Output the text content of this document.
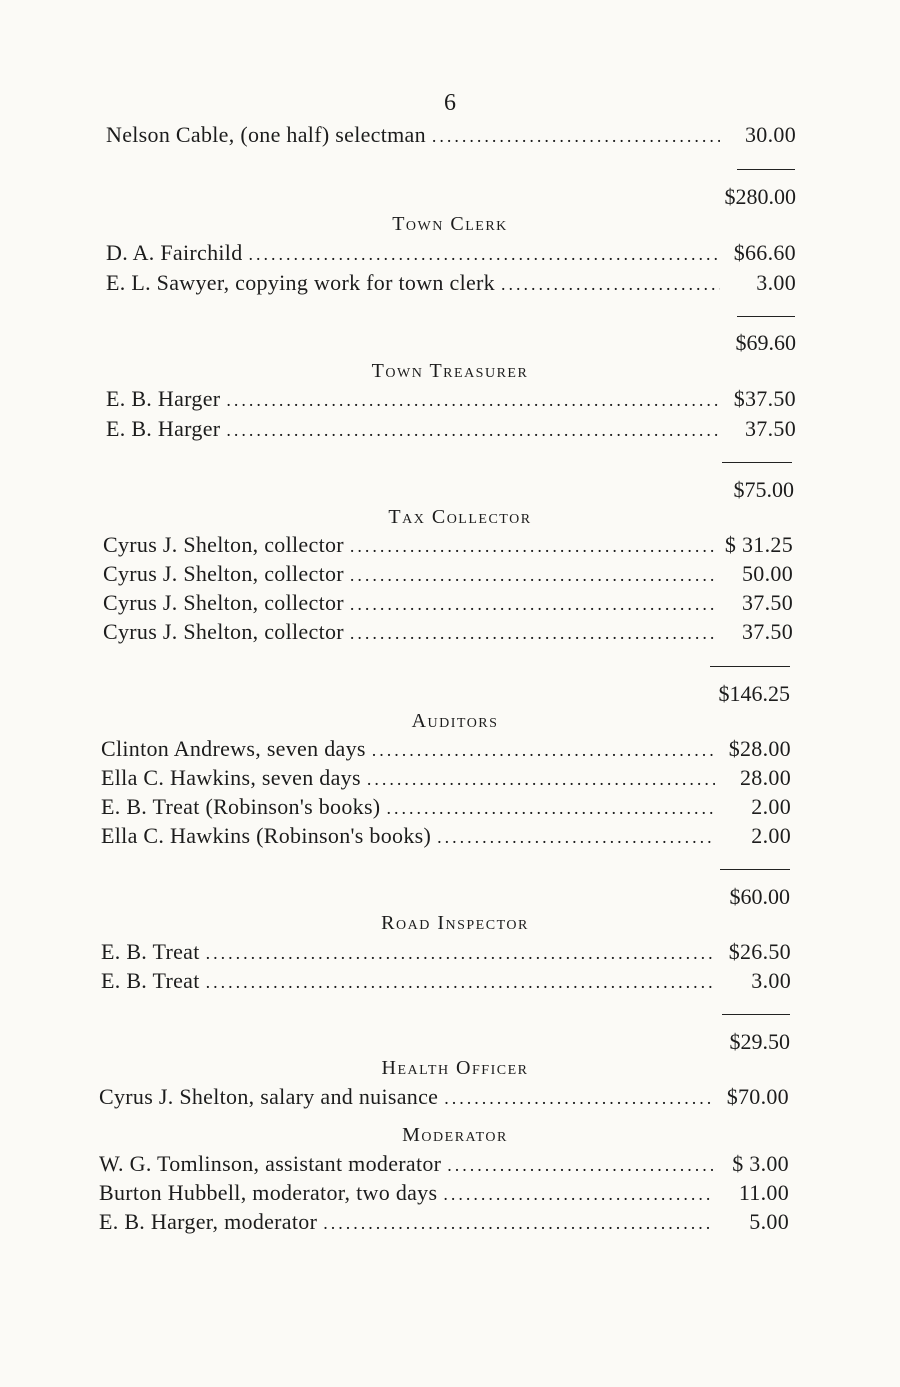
6
Nelson Cable, (one half) selectman .....	30.00
$280.00
Town Clerk
D. A. Fairchild .....	$66.60
E. L. Sawyer, copying work for town clerk .....	3.00
$69.60
Town Treasurer
E. B. Harger .....	$37.50
E. B. Harger .....	37.50
$75.00
Tax Collector
Cyrus J. Shelton, collector .....	$ 31.25
Cyrus J. Shelton, collector .....	50.00
Cyrus J. Shelton, collector .....	37.50
Cyrus J. Shelton, collector .....	37.50
$146.25
Auditors
Clinton Andrews, seven days .....	$28.00
Ella C. Hawkins, seven days .....	28.00
E. B. Treat (Robinson's books) .....	2.00
Ella C. Hawkins (Robinson's books) .....	2.00
$60.00
Road Inspector
E. B. Treat .....	$26.50
E. B. Treat .....	3.00
$29.50
Health Officer
Cyrus J. Shelton, salary and nuisance .....	$70.00
Moderator
W. G. Tomlinson, assistant moderator .....	$ 3.00
Burton Hubbell, moderator, two days .....	11.00
E. B. Harger, moderator .....	5.00
